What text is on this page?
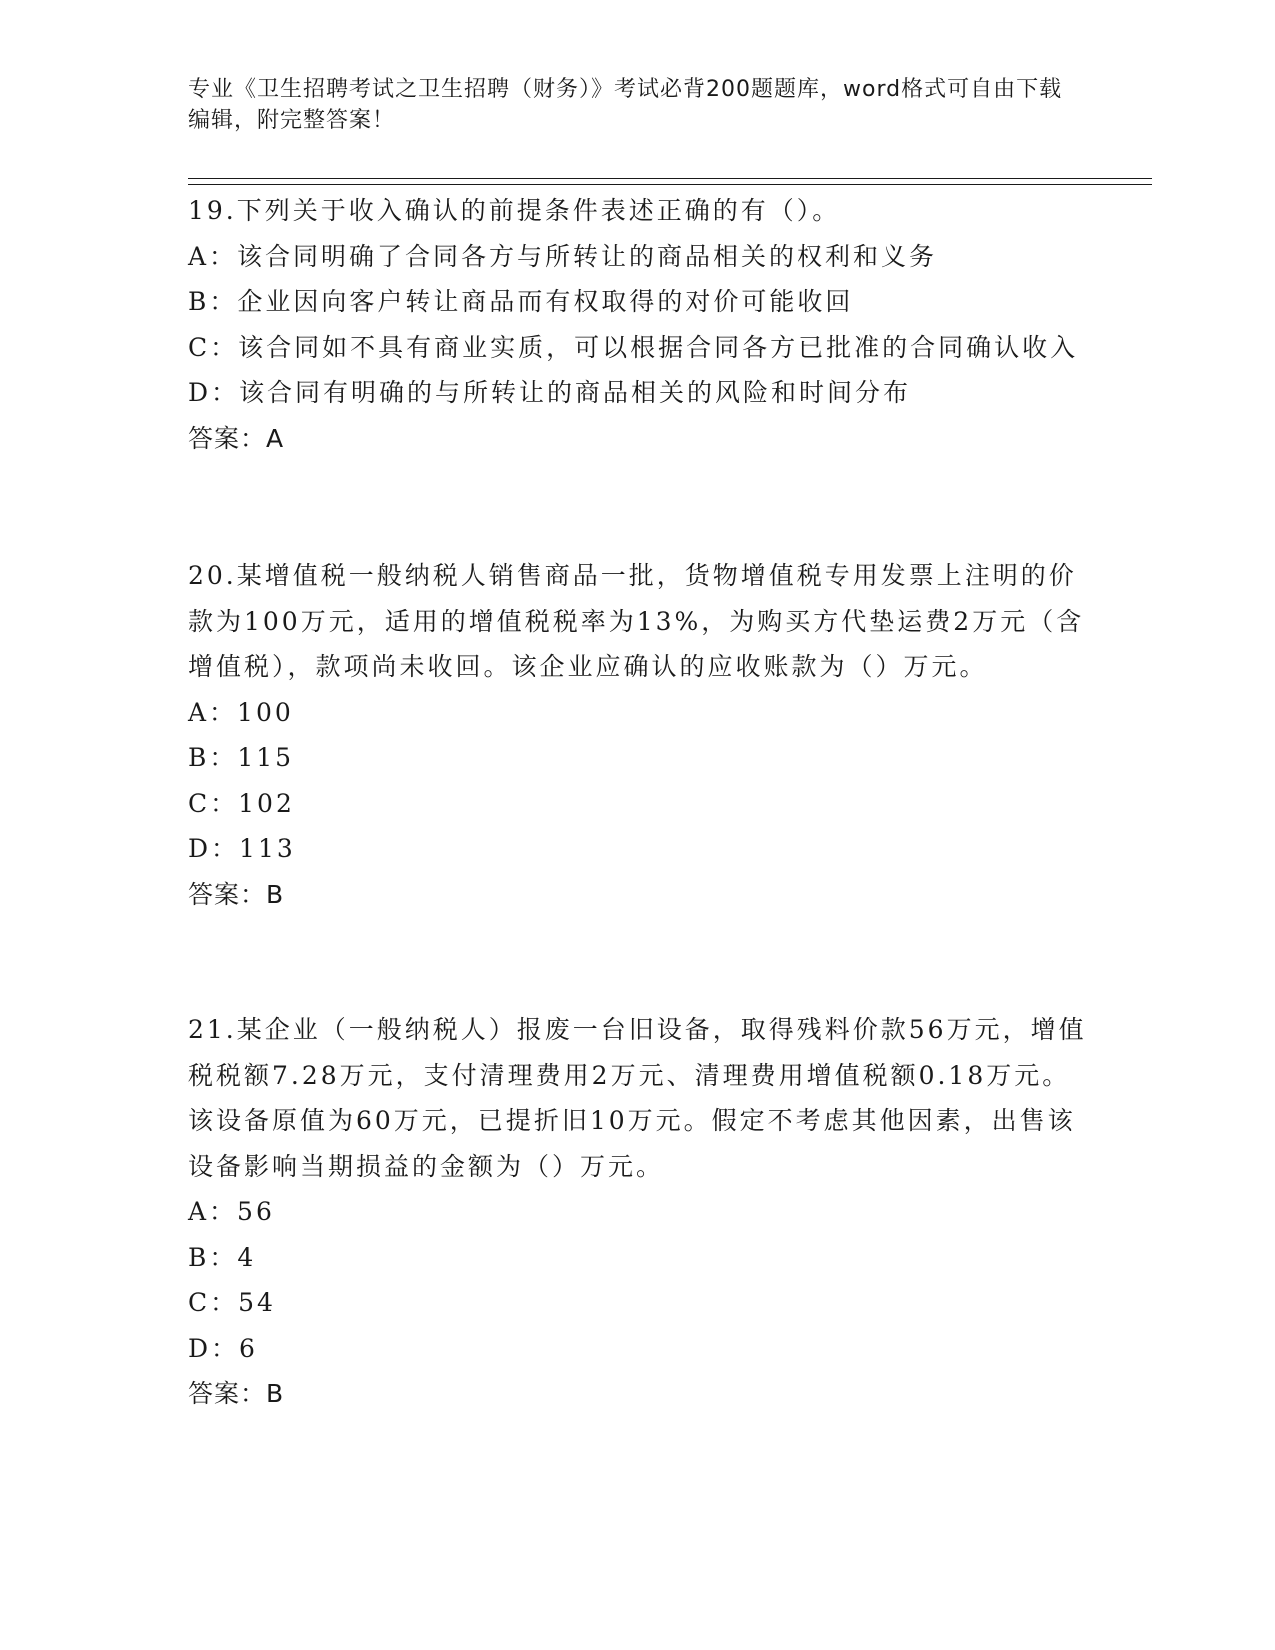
专业《卫生招聘考试之卫生招聘（财务）》考试必背200题题库，word格式可自由下载编辑，附完整答案！

19.下列关于收入确认的前提条件表述正确的有（）。

A：该合同明确了合同各方与所转让的商品相关的权利和义务

B：企业因向客户转让商品而有权取得的对价可能收回

C：该合同如不具有商业实质，可以根据合同各方已批准的合同确认收入

D：该合同有明确的与所转让的商品相关的风险和时间分布

答案：A

20.某增值税一般纳税人销售商品一批，货物增值税专用发票上注明的价款为100万元，适用的增值税税率为13%，为购买方代垫运费2万元（含增值税），款项尚未收回。该企业应确认的应收账款为（）万元。

A：100

B：115

C：102

D：113

答案：B

21.某企业（一般纳税人）报废一台旧设备，取得残料价款56万元，增值税税额7.28万元，支付清理费用2万元、清理费用增值税额0.18万元。该设备原值为60万元，已提折旧10万元。假定不考虑其他因素，出售该设备影响当期损益的金额为（）万元。

A：56

B：4

C：54

D：6

答案：B
